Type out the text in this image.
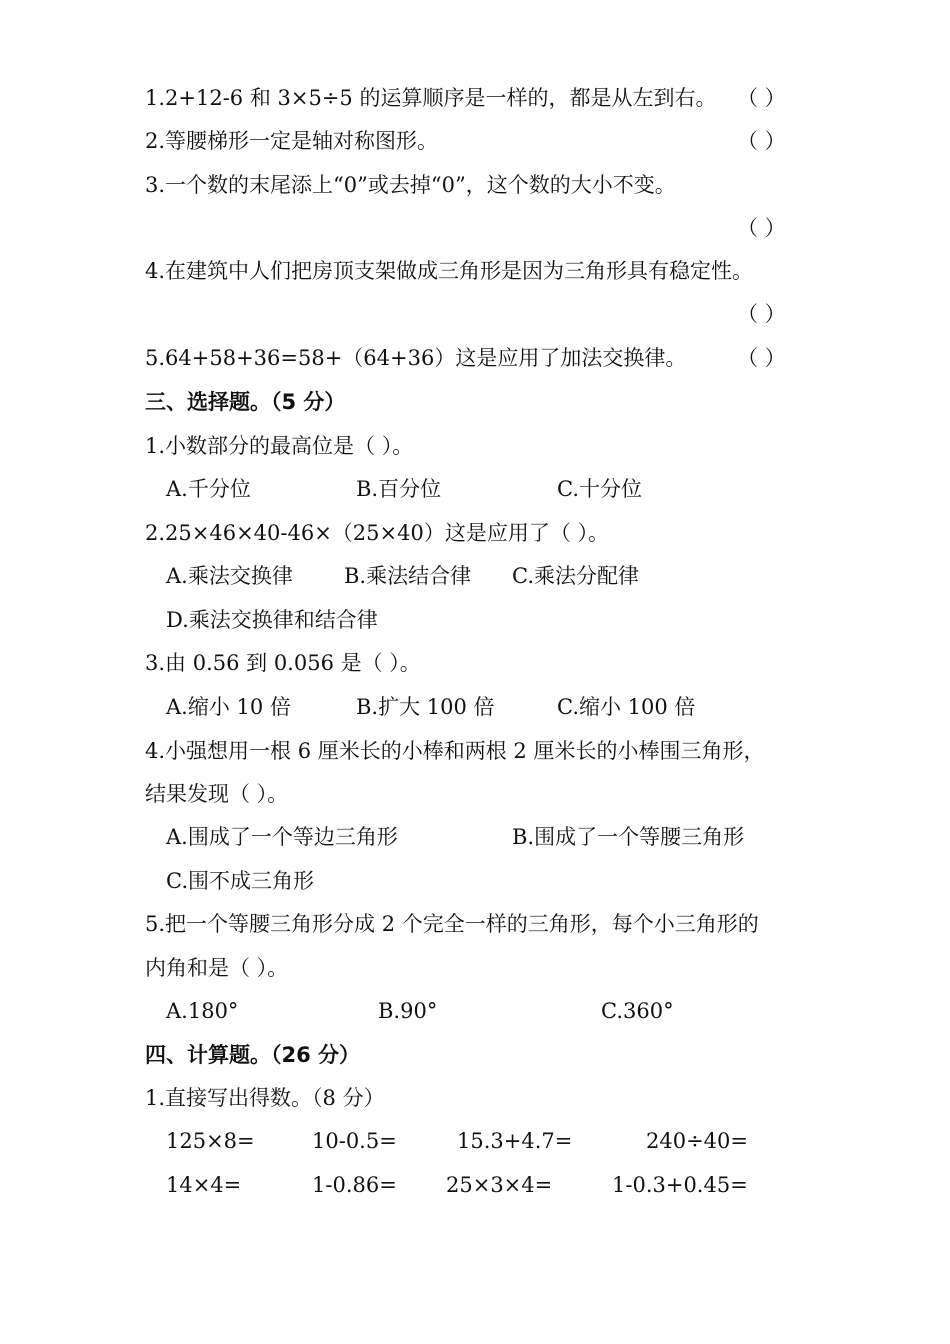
1.2+12-6 和 3×5÷5 的运算顺序是一样的，都是从左到右。 （ ）
2.等腰梯形一定是轴对称图形。	（ ）
3.一个数的末尾添上“0”或去掉“0”，这个数的大小不变。
（ ）
4.在建筑中人们把房顶支架做成三角形是因为三角形具有稳定性。
（ ）
5.64+58+36=58+（64+36）这是应用了加法交换律。 （ ）
三、选择题。（5 分）
1.小数部分的最高位是（ ）。
A.千分位	B.百分位	C.十分位
2.25×46×40-46×（25×40）这是应用了（ ）。
A.乘法交换律 B.乘法结合律 C.乘法分配律
D.乘法交换律和结合律
3.由 0.56 到 0.056 是（ ）。
A.缩小 10 倍	B.扩大 100 倍	C.缩小 100 倍
4.小强想用一根 6 厘米长的小棒和两根 2 厘米长的小棒围三角形，
结果发现（ ）。
A.围成了一个等边三角形	B.围成了一个等腰三角形
C.围不成三角形
5.把一个等腰三角形分成 2 个完全一样的三角形，每个小三角形的
内角和是（ ）。
A.180°	B.90°	C.360°
四、计算题。（26 分）
1.直接写出得数。（8 分）
125×8=	10-0.5=	15.3+4.7=	240÷40=
14×4=	1-0.86= 25×3×4=	1-0.3+0.45=
